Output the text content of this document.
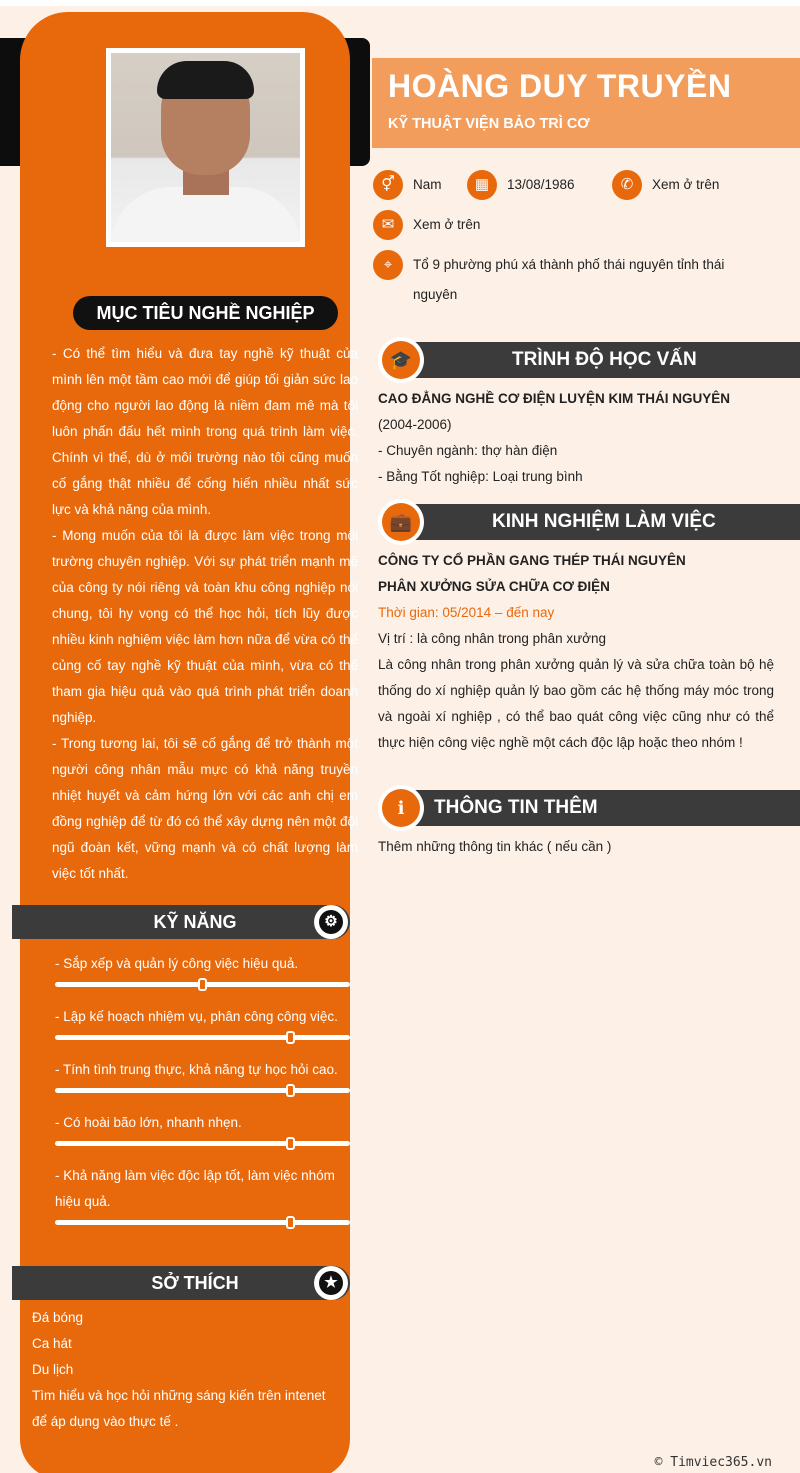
MỤC TIÊU NGHỀ NGHIỆP

- Có thể tìm hiểu và đưa tay nghề kỹ thuật của mình lên một tầm cao mới để giúp tối giản sức lao động cho người lao động là niềm đam mê mà tôi luôn phấn đấu hết mình trong quá trình làm việc. Chính vì thế, dù ở môi trường nào tôi cũng muốn cố gắng thật nhiều để cống hiến nhiều nhất sức lực và khả năng của mình.

- Mong muốn của tôi là được làm việc trong môi trường chuyên nghiệp. Với sự phát triển mạnh mẽ của công ty nói riêng và toàn khu công nghiệp nói chung, tôi hy vọng có thể học hỏi, tích lũy được nhiều kinh nghiệm việc làm hơn nữa để vừa có thể củng cố tay nghề kỹ thuật của mình, vừa có thể tham gia hiệu quả vào quá trình phát triển doanh nghiệp.

- Trong tương lai, tôi sẽ cố gắng để trở thành một người công nhân mẫu mực có khả năng truyền nhiệt huyết và cảm hứng lớn với các anh chị em đồng nghiệp để từ đó có thể xây dựng nên một đội ngũ đoàn kết, vững mạnh và có chất lượng làm việc tốt nhất.

KỸ NĂNG	⚙
- Sắp xếp và quản lý công việc hiệu quả.
- Lập kế hoạch nhiệm vụ, phân công công việc.
- Tính tình trung thực, khả năng tự học hỏi cao.
- Có hoài bão lớn, nhanh nhẹn.
- Khả năng làm việc độc lập tốt, làm việc nhóm hiệu quả.
SỞ THÍCH	★
Đá bóng
Ca hát
Du lịch
Tìm hiểu và học hỏi những sáng kiến trên intenet để áp dụng vào thực tế .
HOÀNG DUY TRUYỀN
KỸ THUẬT VIỆN BẢO TRÌ CƠ
⚥	Nam	▦	13/08/1986	✆	Xem ở trên
✉	Xem ở trên
⌖	Tổ 9 phường phú xá thành phố thái nguyên tỉnh thái nguyên
TRÌNH ĐỘ HỌC VẤN
🎓
CAO ĐẲNG NGHỀ CƠ ĐIỆN LUYỆN KIM THÁI NGUYÊN
(2004-2006)
- Chuyên ngành: thợ hàn điện
- Bằng Tốt nghiệp: Loại trung bình
KINH NGHIỆM LÀM VIỆC
💼
CÔNG TY CỔ PHẦN GANG THÉP THÁI NGUYÊN
PHÂN XƯỞNG SỬA CHỮA CƠ ĐIỆN
Thời gian: 05/2014 – đến nay
Vị trí : là công nhân trong phân xưởng
Là công nhân trong phân xưởng quản lý và sửa chữa toàn bộ hệ thống do xí nghiệp quản lý bao gồm các hệ thống máy móc trong và ngoài xí nghiệp , có thể bao quát công việc cũng như có thể thực hiện công việc nghề một cách độc lập hoặc theo nhóm !
THÔNG TIN THÊM
ℹ
Thêm những thông tin khác ( nếu cần )
© Timviec365.vn
